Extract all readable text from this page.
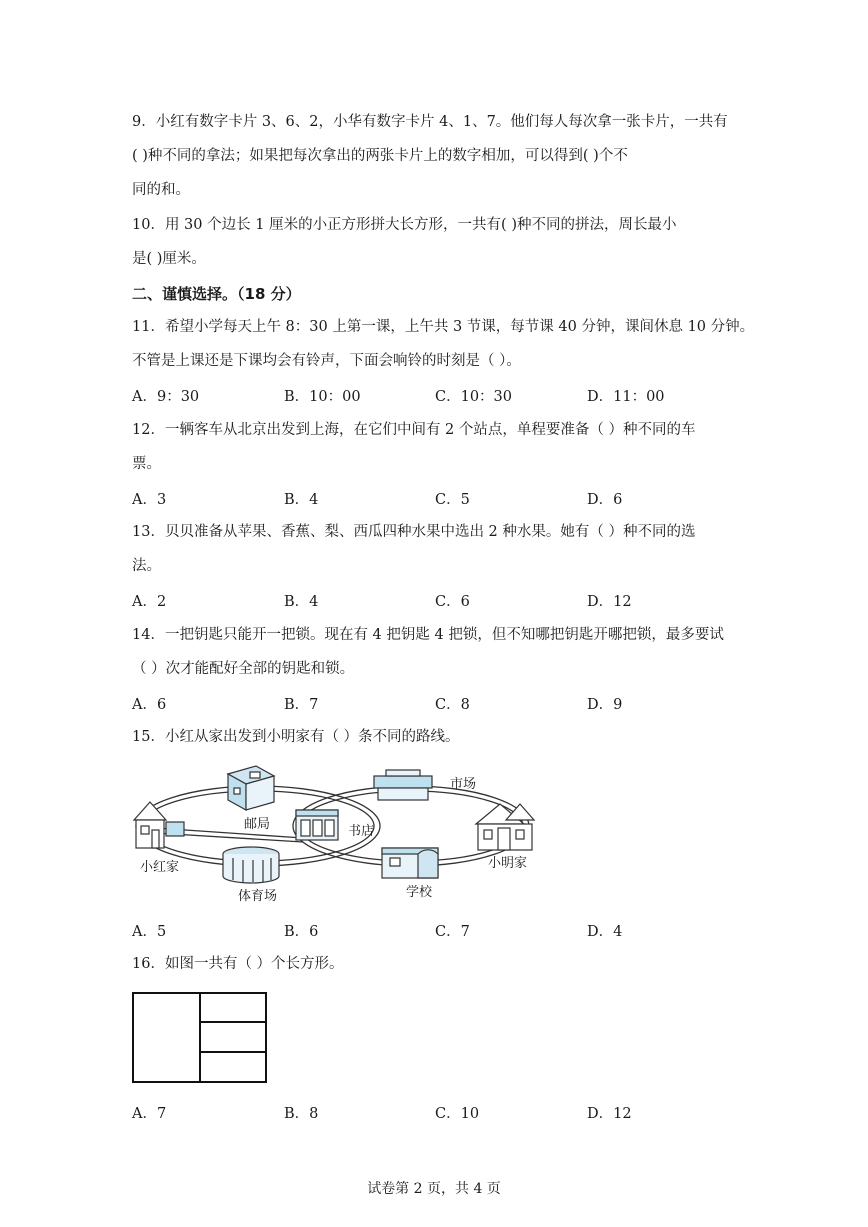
9．小红有数字卡片 3、6、2，小华有数字卡片 4、1、7。他们每人每次拿一张卡片，一共有
( )种不同的拿法；如果把每次拿出的两张卡片上的数字相加，可以得到( )个不
同的和。
10．用 30 个边长 1 厘米的小正方形拼大长方形，一共有( )种不同的拼法，周长最小
是( )厘米。
二、谨慎选择。（18 分）
11．希望小学每天上午 8：30 上第一课，上午共 3 节课，每节课 40 分钟，课间休息 10 分钟。
不管是上课还是下课均会有铃声，下面会响铃的时刻是（ ）。
A．9：30	B．10：00	C．10：30	D．11：00
12．一辆客车从北京出发到上海，在它们中间有 2 个站点，单程要准备（ ）种不同的车
票。
A．3	B．4	C．5	D．6
13．贝贝准备从苹果、香蕉、梨、西瓜四种水果中选出 2 种水果。她有（ ）种不同的选
法。
A．2	B．4	C．6	D．12
14．一把钥匙只能开一把锁。现在有 4 把钥匙 4 把锁，但不知哪把钥匙开哪把锁，最多要试
（ ）次才能配好全部的钥匙和锁。
A．6	B．7	C．8	D．9
15．小红从家出发到小明家有（ ）条不同的路线。
小红家
邮局
体育场
书店
市场
学校
小明家
A．5	B．6	C．7	D．4
16．如图一共有（ ）个长方形。
A．7	B．8	C．10	D．12
试卷第 2 页，共 4 页
